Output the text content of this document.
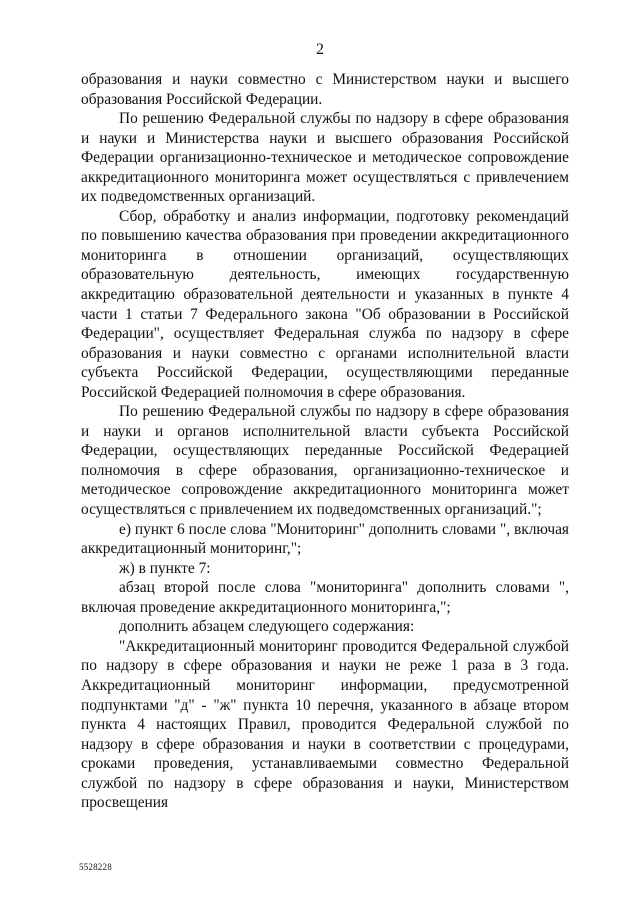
2

образования и науки совместно с Министерством науки и высшего образования Российской Федерации.

По решению Федеральной службы по надзору в сфере образования и науки и Министерства науки и высшего образования Российской Федерации организационно-техническое и методическое сопровождение аккредитационного мониторинга может осуществляться с привлечением их подведомственных организаций.

Сбор, обработку и анализ информации, подготовку рекомендаций по повышению качества образования при проведении аккредитационного мониторинга в отношении организаций, осуществляющих образовательную деятельность, имеющих государственную аккредитацию образовательной деятельности и указанных в пункте 4 части 1 статьи 7 Федерального закона "Об образовании в Российской Федерации", осуществляет Федеральная служба по надзору в сфере образования и науки совместно с органами исполнительной власти субъекта Российской Федерации, осуществляющими переданные Российской Федерацией полномочия в сфере образования.

По решению Федеральной службы по надзору в сфере образования и науки и органов исполнительной власти субъекта Российской Федерации, осуществляющих переданные Российской Федерацией полномочия в сфере образования, организационно-техническое и методическое сопровождение аккредитационного мониторинга может осуществляться с привлечением их подведомственных организаций.";

е) пункт 6 после слова "Мониторинг" дополнить словами ", включая аккредитационный мониторинг,";

ж) в пункте 7:

абзац второй после слова "мониторинга" дополнить словами ", включая проведение аккредитационного мониторинга,";

дополнить абзацем следующего содержания:

"Аккредитационный мониторинг проводится Федеральной службой по надзору в сфере образования и науки не реже 1 раза в 3 года. Аккредитационный мониторинг информации, предусмотренной подпунктами "д" - "ж" пункта 10 перечня, указанного в абзаце втором пункта 4 настоящих Правил, проводится Федеральной службой по надзору в сфере образования и науки в соответствии с процедурами, сроками проведения, устанавливаемыми совместно Федеральной службой по надзору в сфере образования и науки, Министерством просвещения

5528228
